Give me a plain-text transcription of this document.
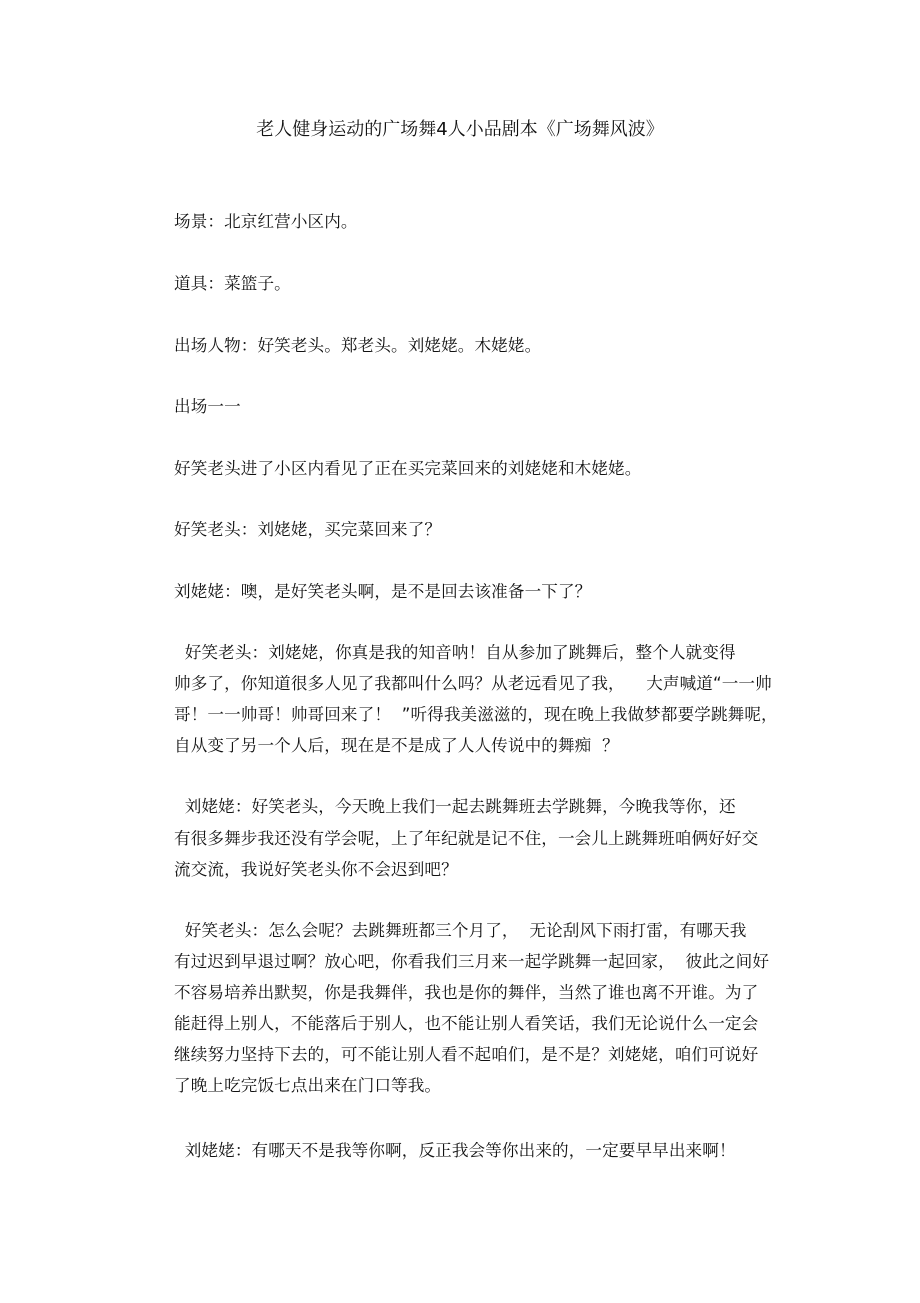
老人健身运动的广场舞4人小品剧本《广场舞风波》
场景：北京红营小区内。
道具：菜篮子。
出场人物：好笑老头。郑老头。刘姥姥。木姥姥。
出场一一
好笑老头进了小区内看见了正在买完菜回来的刘姥姥和木姥姥。
好笑老头：刘姥姥，买完菜回来了？
刘姥姥：噢，是好笑老头啊，是不是回去该准备一下了？
好笑老头：刘姥姥，你真是我的知音呐！自从参加了跳舞后，整个人就变得
帅多了，你知道很多人见了我都叫什么吗？从老远看见了我，    大声喊道“一一帅
哥！一一帅哥！帅哥回来了！  ”听得我美滋滋的，现在晚上我做梦都要学跳舞呢，
自从变了另一个人后，现在是不是成了人人传说中的舞痴  ？
刘姥姥：好笑老头，今天晚上我们一起去跳舞班去学跳舞，今晚我等你，还
有很多舞步我还没有学会呢，上了年纪就是记不住，一会儿上跳舞班咱俩好好交
流交流，我说好笑老头你不会迟到吧？
好笑老头：怎么会呢？去跳舞班都三个月了，  无论刮风下雨打雷，有哪天我
有过迟到早退过啊？放心吧，你看我们三月来一起学跳舞一起回家，  彼此之间好
不容易培养出默契，你是我舞伴，我也是你的舞伴，当然了谁也离不开谁。为了
能赶得上别人，不能落后于别人，也不能让别人看笑话，我们无论说什么一定会
继续努力坚持下去的，可不能让别人看不起咱们，是不是？刘姥姥，咱们可说好
了晚上吃完饭七点出来在门口等我。
刘姥姥：有哪天不是我等你啊，反正我会等你出来的，一定要早早出来啊！
